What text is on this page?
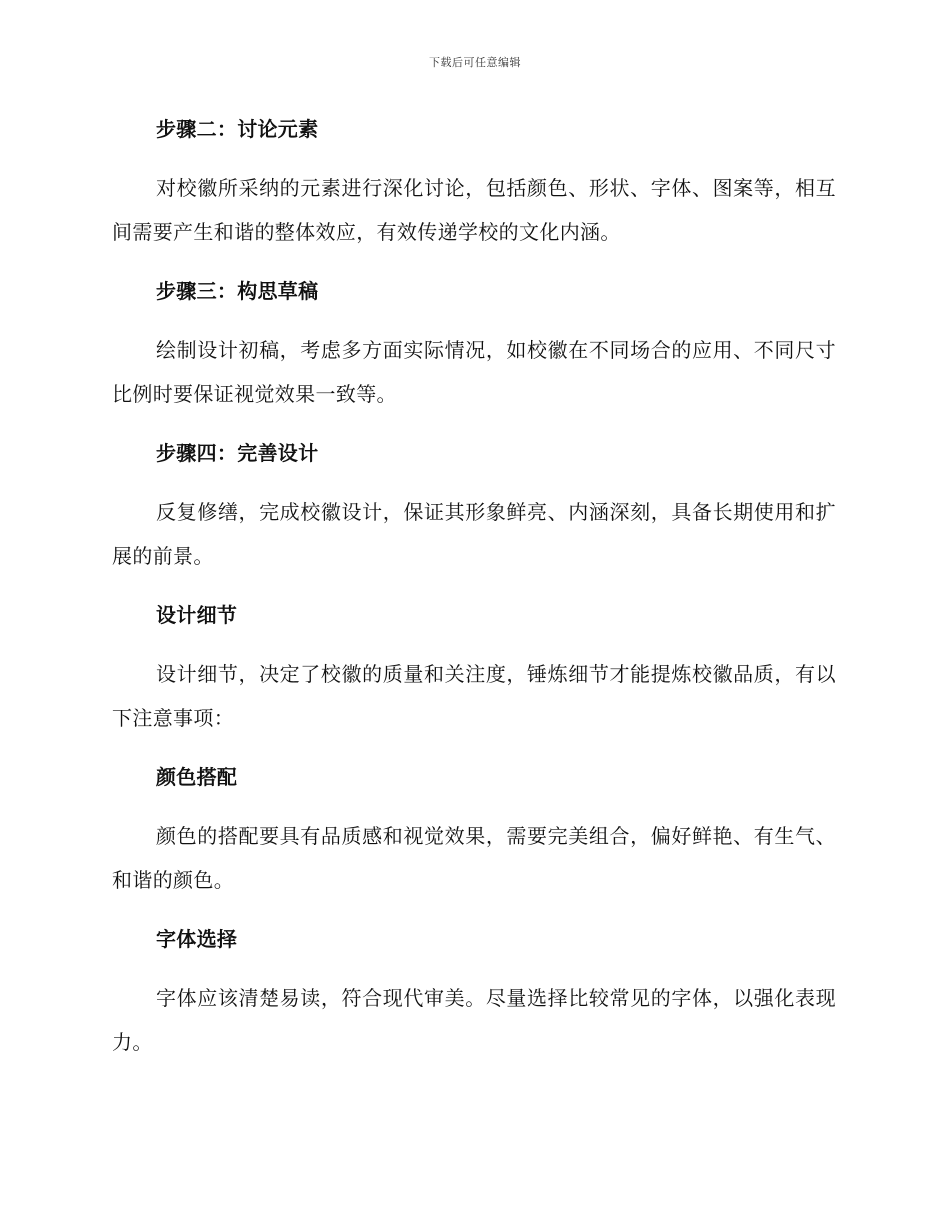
下载后可任意编辑
步骤二：讨论元素

对校徽所采纳的元素进行深化讨论，包括颜色、形状、字体、图案等，相互间需要产生和谐的整体效应，有效传递学校的文化内涵。

步骤三：构思草稿

绘制设计初稿，考虑多方面实际情况，如校徽在不同场合的应用、不同尺寸比例时要保证视觉效果一致等。

步骤四：完善设计

反复修缮，完成校徽设计，保证其形象鲜亮、内涵深刻，具备长期使用和扩展的前景。

设计细节

设计细节，决定了校徽的质量和关注度，锤炼细节才能提炼校徽品质，有以下注意事项：

颜色搭配

颜色的搭配要具有品质感和视觉效果，需要完美组合，偏好鲜艳、有生气、和谐的颜色。

字体选择

字体应该清楚易读，符合现代审美。尽量选择比较常见的字体，以强化表现力。
